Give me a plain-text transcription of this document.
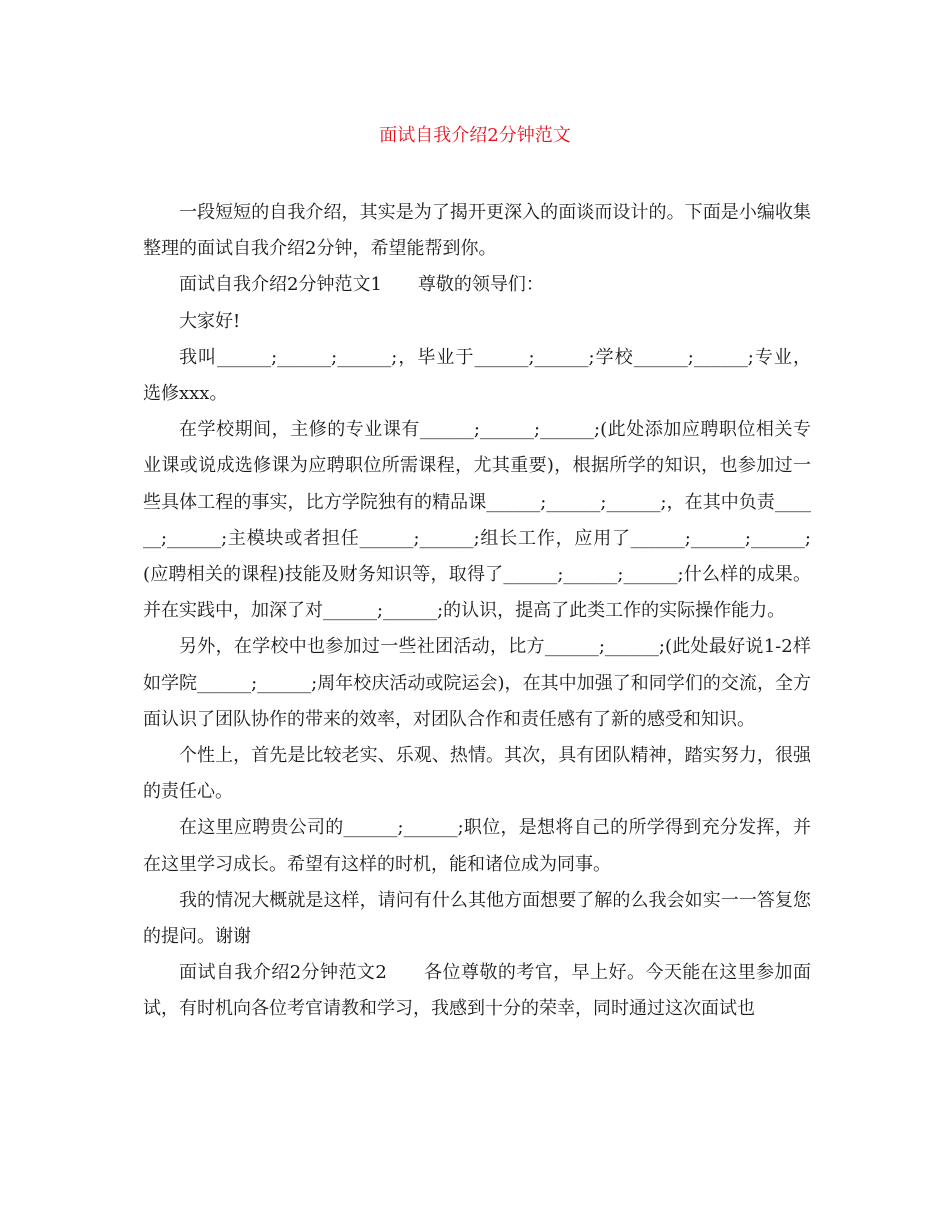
面试自我介绍2分钟范文

一段短短的自我介绍，其实是为了揭开更深入的面谈而设计的。下面是小编收集整理的面试自我介绍2分钟，希望能帮到你。

面试自我介绍2分钟范文1　　尊敬的领导们：

大家好!

我叫______;______;______;，毕业于______;______;学校______;______;专业，选修xxx。

在学校期间，主修的专业课有______;______;______;(此处添加应聘职位相关专业课或说成选修课为应聘职位所需课程，尤其重要)，根据所学的知识，也参加过一些具体工程的事实，比方学院独有的精品课______;______;______;，在其中负责______;______;主模块或者担任______;______;组长工作，应用了______;______;______;(应聘相关的课程)技能及财务知识等，取得了______;______;______;什么样的成果。并在实践中，加深了对______;______;的认识，提高了此类工作的实际操作能力。

另外，在学校中也参加过一些社团活动，比方______;______;(此处最好说1-2样如学院______;______;周年校庆活动或院运会)，在其中加强了和同学们的交流，全方面认识了团队协作的带来的效率，对团队合作和责任感有了新的感受和知识。

个性上，首先是比较老实、乐观、热情。其次，具有团队精神，踏实努力，很强的责任心。

在这里应聘贵公司的______;______;职位，是想将自己的所学得到充分发挥，并在这里学习成长。希望有这样的时机，能和诸位成为同事。

我的情况大概就是这样，请问有什么其他方面想要了解的么我会如实一一答复您的提问。谢谢

面试自我介绍2分钟范文2　　各位尊敬的考官，早上好。今天能在这里参加面试，有时机向各位考官请教和学习，我感到十分的荣幸，同时通过这次面试也
